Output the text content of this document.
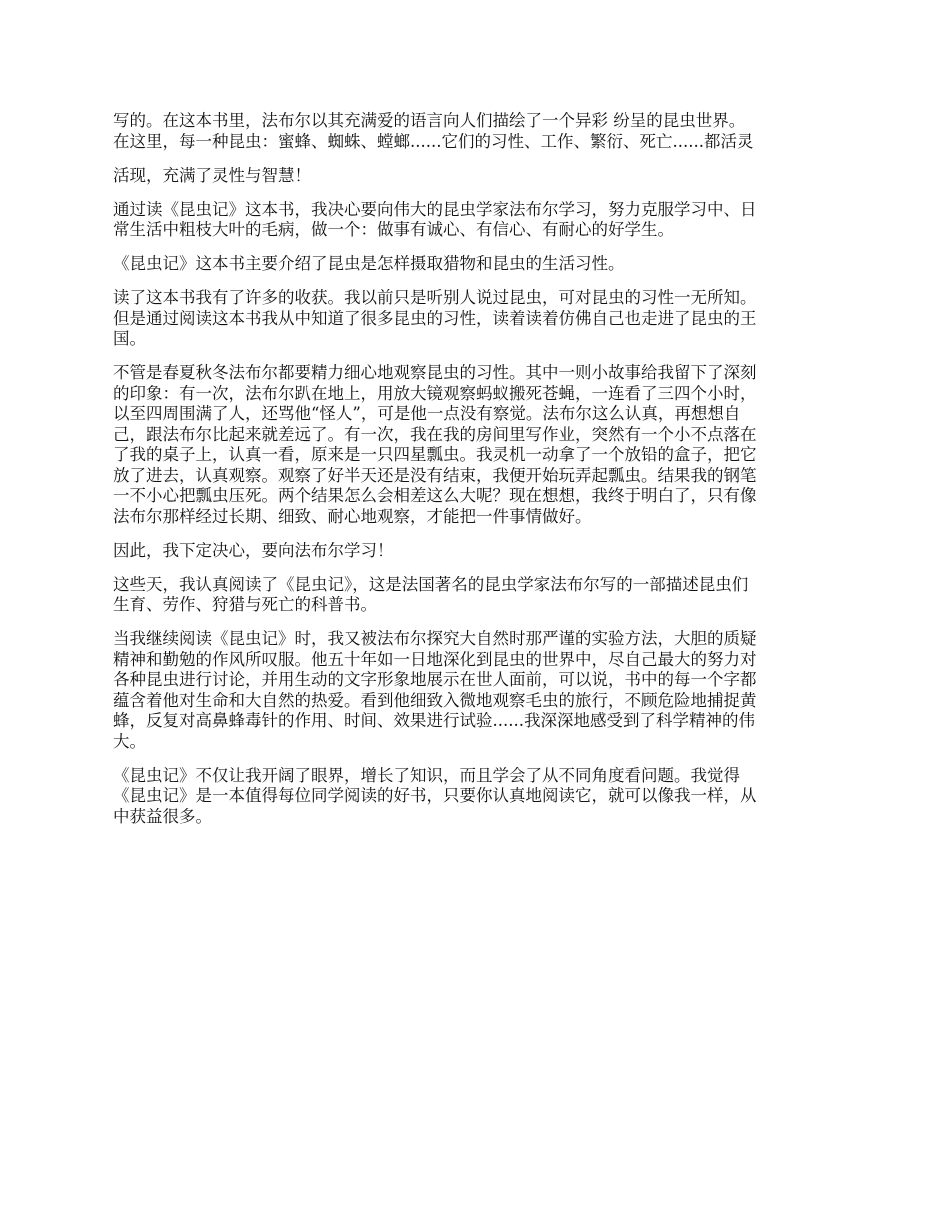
写的。在这本书里，法布尔以其充满爱的语言向人们描绘了一个异彩 纷呈的昆虫世界。
在这里，每一种昆虫：蜜蜂、蜘蛛、螳螂......它们的习性、工作、繁衍、死亡......都活灵

活现，充满了灵性与智慧！

通过读《昆虫记》这本书，我决心要向伟大的昆虫学家法布尔学习，努力克服学习中、日
常生活中粗枝大叶的毛病，做一个：做事有诚心、有信心、有耐心的好学生。

《昆虫记》这本书主要介绍了昆虫是怎样摄取猎物和昆虫的生活习性。

读了这本书我有了许多的收获。我以前只是听别人说过昆虫，可对昆虫的习性一无所知。
但是通过阅读这本书我从中知道了很多昆虫的习性，读着读着仿佛自己也走进了昆虫的王
国。

不管是春夏秋冬法布尔都要精力细心地观察昆虫的习性。其中一则小故事给我留下了深刻
的印象：有一次，法布尔趴在地上，用放大镜观察蚂蚁搬死苍蝇，一连看了三四个小时，
以至四周围满了人，还骂他“怪人”，可是他一点没有察觉。法布尔这么认真，再想想自
己，跟法布尔比起来就差远了。有一次，我在我的房间里写作业，突然有一个小不点落在
了我的桌子上，认真一看，原来是一只四星瓢虫。我灵机一动拿了一个放铅的盒子，把它
放了进去，认真观察。观察了好半天还是没有结束，我便开始玩弄起瓢虫。结果我的钢笔
一不小心把瓢虫压死。两个结果怎么会相差这么大呢？现在想想，我终于明白了，只有像
法布尔那样经过长期、细致、耐心地观察，才能把一件事情做好。

因此，我下定决心，要向法布尔学习！

这些天，我认真阅读了《昆虫记》，这是法国著名的昆虫学家法布尔写的一部描述昆虫们
生育、劳作、狩猎与死亡的科普书。

当我继续阅读《昆虫记》时，我又被法布尔探究大自然时那严谨的实验方法，大胆的质疑
精神和勤勉的作风所叹服。他五十年如一日地深化到昆虫的世界中，尽自己最大的努力对
各种昆虫进行讨论，并用生动的文字形象地展示在世人面前，可以说，书中的每一个字都
蕴含着他对生命和大自然的热爱。看到他细致入微地观察毛虫的旅行，不顾危险地捕捉黄
蜂，反复对高鼻蜂毒针的作用、时间、效果进行试验......我深深地感受到了科学精神的伟
大。

《昆虫记》不仅让我开阔了眼界，增长了知识，而且学会了从不同角度看问题。我觉得
《昆虫记》是一本值得每位同学阅读的好书，只要你认真地阅读它，就可以像我一样，从
中获益很多。
